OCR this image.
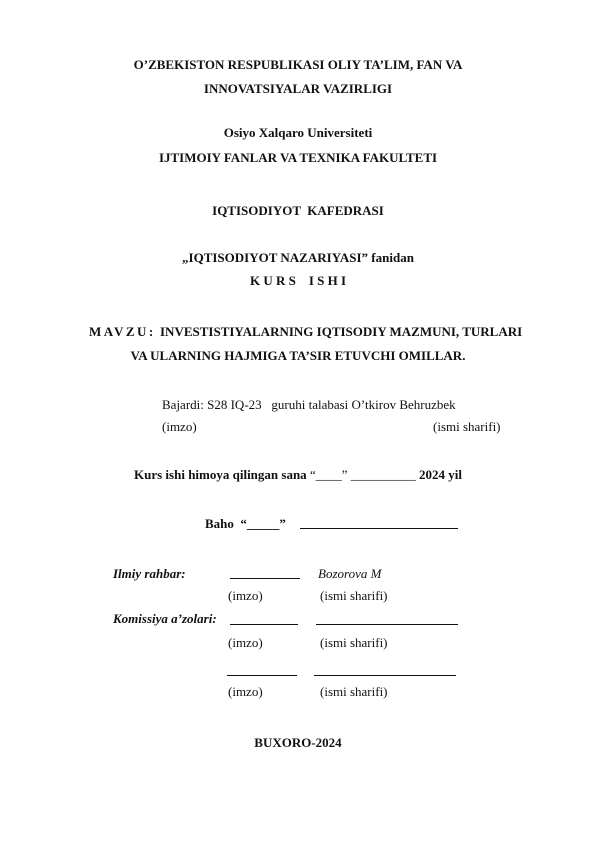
O’ZBEKISTON RESPUBLIKASI OLIY TA’LIM, FAN VA
INNOVATSIYALAR VAZIRLIGI
Osiyo Xalqaro Universiteti
IJTIMOIY FANLAR VA TEXNIKA FAKULTETI
IQTISODIYOT  KAFEDRASI
„IQTISODIYOT NAZARIYASI” fanidan
K U R S    I S H I
MAVZU: INVESTISTIYALARNING IQTISODIY MAZMUNI, TURLARI
VA ULARNING HAJMIGA TA’SIR ETUVCHI OMILLAR.
Bajardi: S28 IQ-23   guruhi talabasi O’tkirov Behruzbek
(imzo)	(ismi sharifi)
Kurs ishi himoya qilingan sana “____” __________ 2024 yil
Baho  “_____”
Ilmiy rahbar:	Bozorova M
(imzo)	(ismi sharifi)
Komissiya a’zolari:
(imzo)	(ismi sharifi)
(imzo)	(ismi sharifi)
BUXORO-2024
